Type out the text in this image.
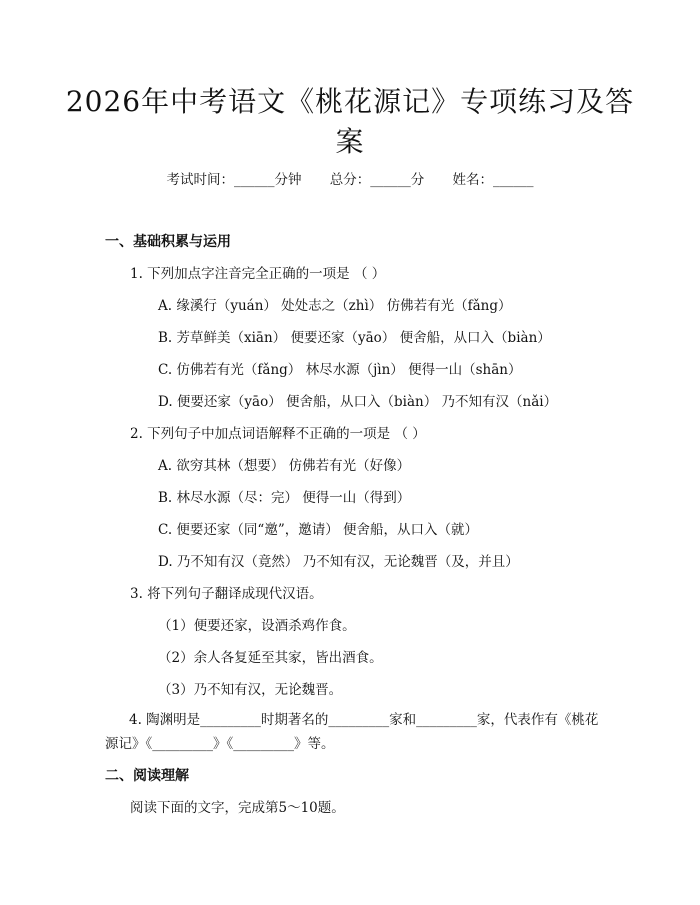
2026年中考语文《桃花源记》专项练习及答案
考试时间：______分钟 总分：______分 姓名：______
一、基础积累与运用
1. 下列加点字注音完全正确的一项是 （ ）
A. 缘溪行（yuán） 处处志之（zhì） 仿佛若有光（fǎng）
B. 芳草鲜美（xiān） 便要还家（yāo） 便舍船，从口入（biàn）
C. 仿佛若有光（fǎng） 林尽水源（jìn） 便得一山（shān）
D. 便要还家（yāo） 便舍船，从口入（biàn） 乃不知有汉（nǎi）
2. 下列句子中加点词语解释不正确的一项是 （ ）
A. 欲穷其林（想要） 仿佛若有光（好像）
B. 林尽水源（尽：完） 便得一山（得到）
C. 便要还家（同“邀”，邀请） 便舍船，从口入（就）
D. 乃不知有汉（竟然） 乃不知有汉，无论魏晋（及，并且）
3. 将下列句子翻译成现代汉语。
（1）便要还家，设酒杀鸡作食。
（2）余人各复延至其家，皆出酒食。
（3）乃不知有汉，无论魏晋。
4. 陶渊明是_________时期著名的_________家和_________家，代表作有《桃花源记》《_________》《_________》等。
二、阅读理解
阅读下面的文字，完成第5～10题。
